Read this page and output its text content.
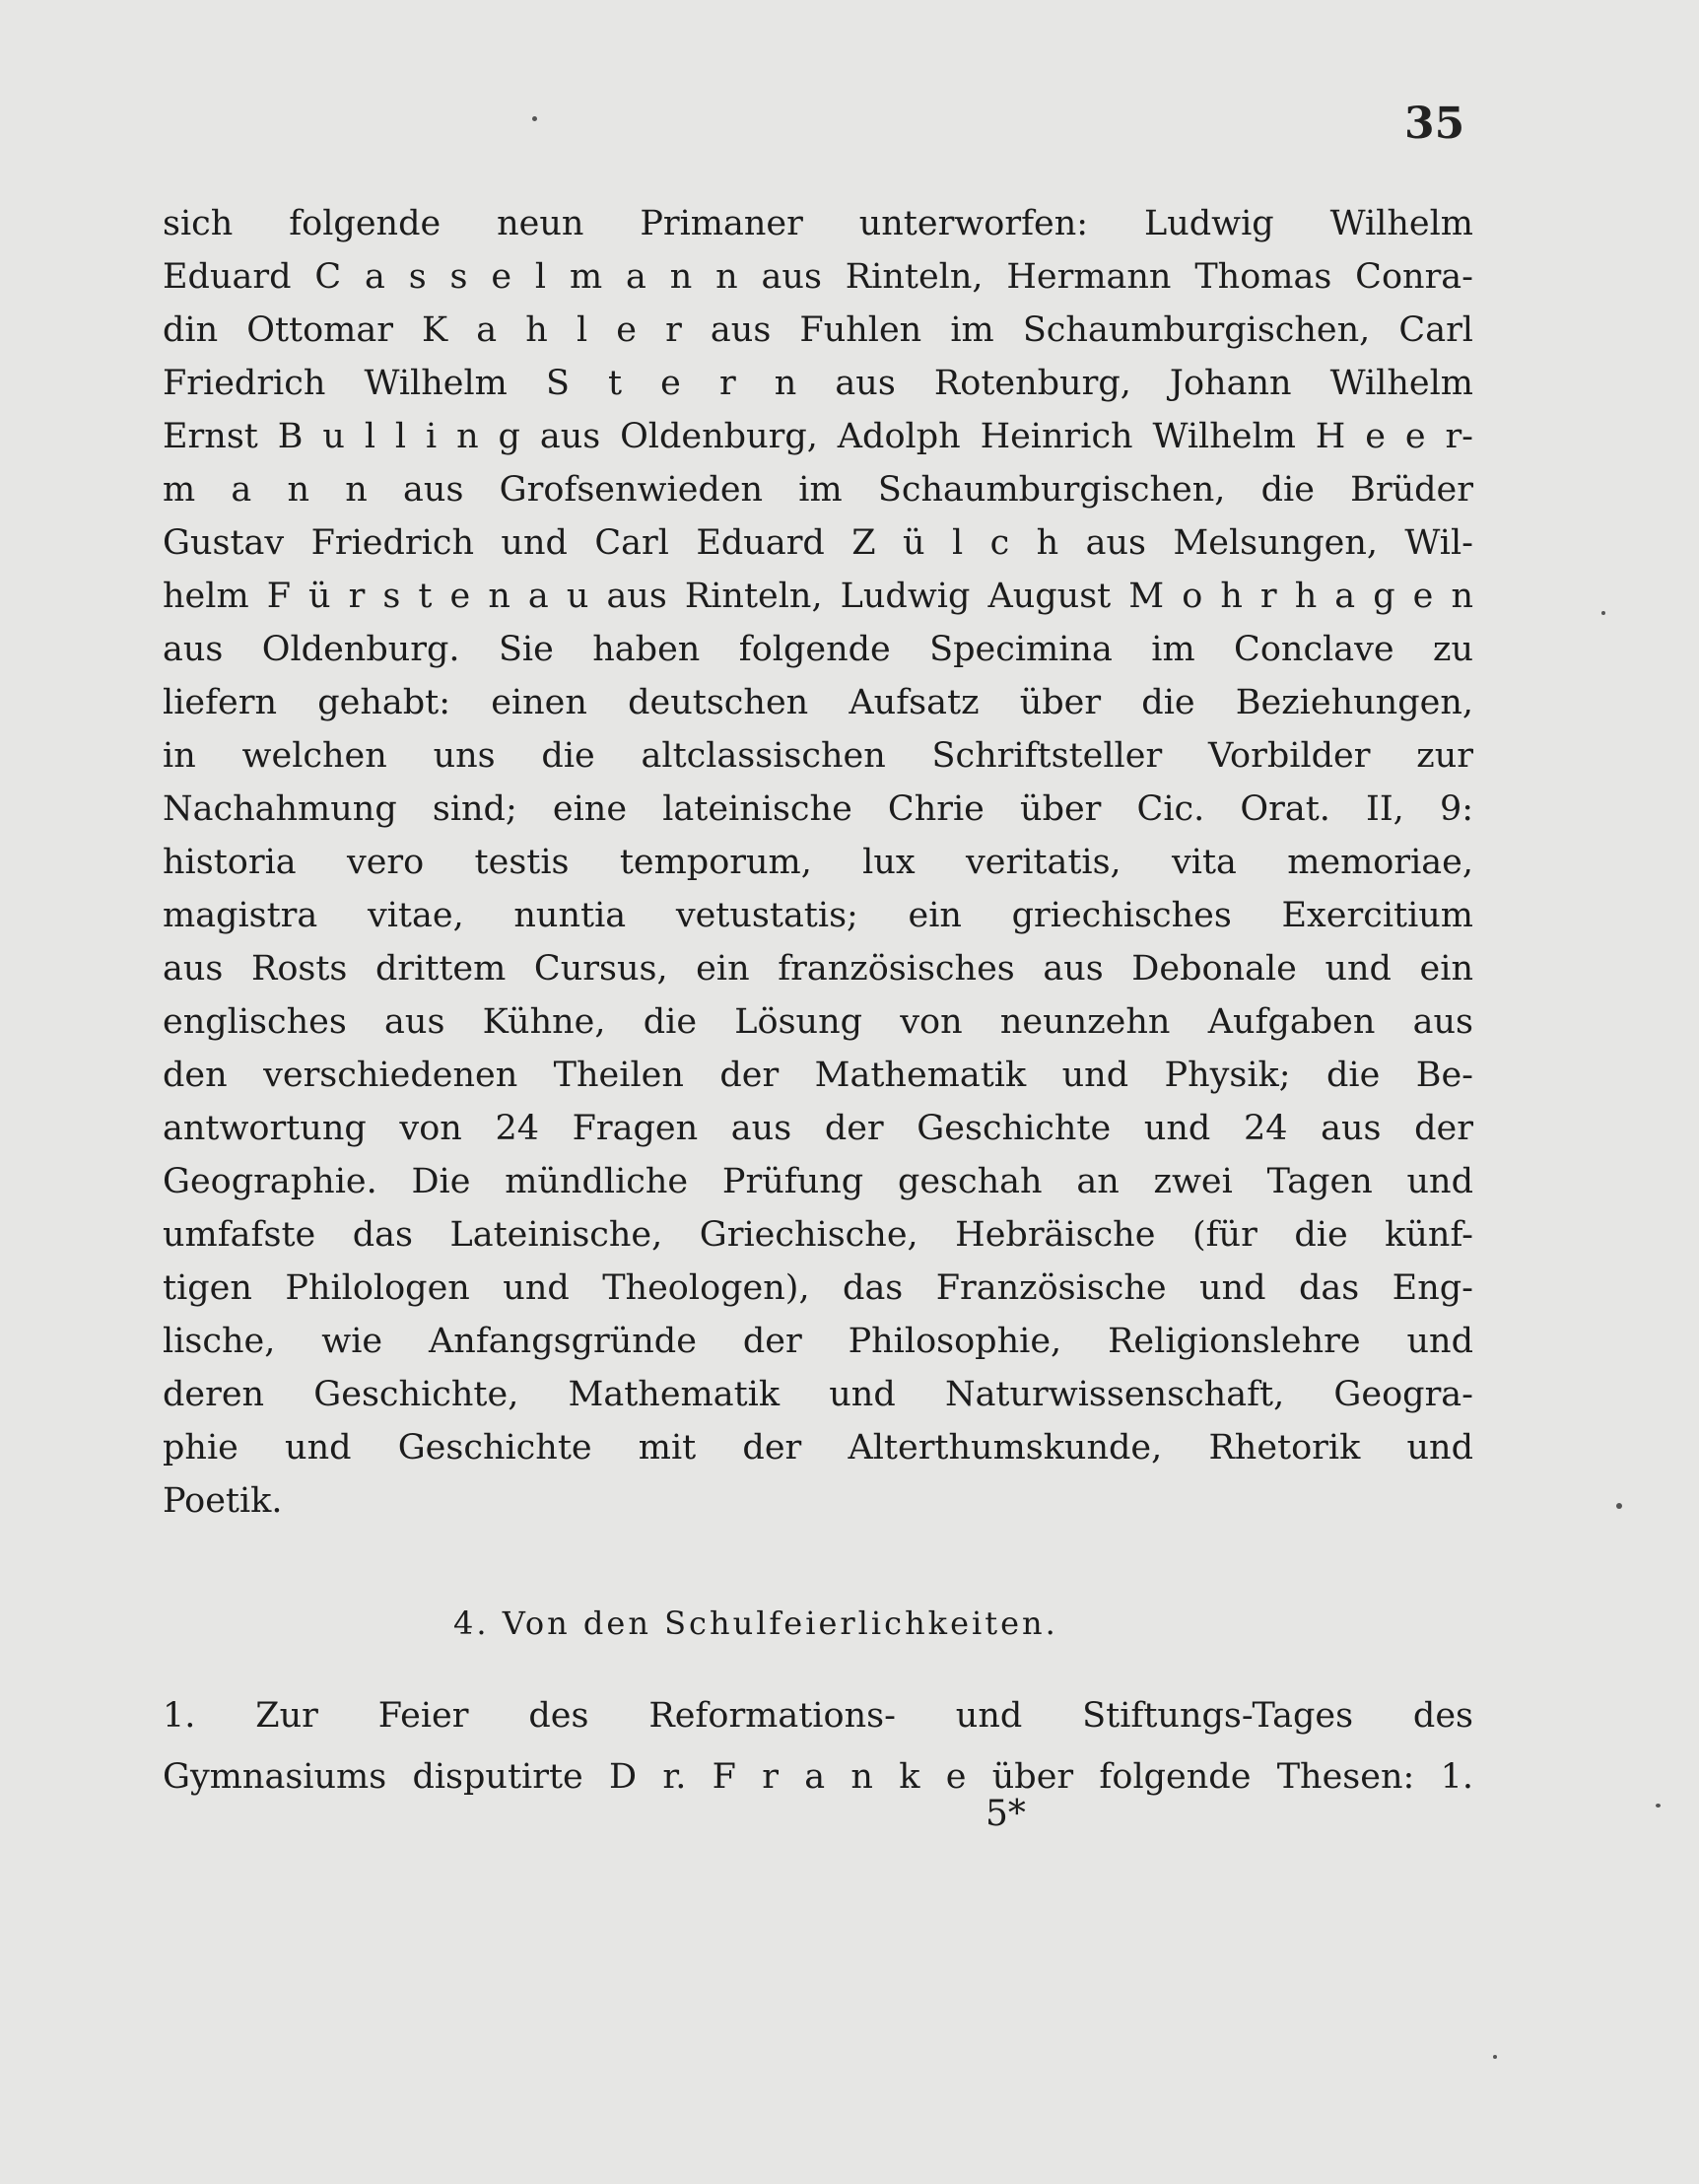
35
sich folgende neun Primaner unterworfen: Ludwig Wilhelm
Eduard C a s s e l m a n n aus Rinteln, Hermann Thomas Conra-
din Ottomar K a h l e r aus Fuhlen im Schaumburgischen, Carl
Friedrich Wilhelm S t e r n aus Rotenburg, Johann Wilhelm
Ernst B u l l i n g aus Oldenburg, Adolph Heinrich Wilhelm H e e r-
m a n n aus Grofsenwieden im Schaumburgischen, die Brüder
Gustav Friedrich und Carl Eduard Z ü l c h aus Melsungen, Wil-
helm F ü r s t e n a u aus Rinteln, Ludwig August M o h r h a g e n
aus Oldenburg. Sie haben folgende Specimina im Conclave zu
liefern gehabt: einen deutschen Aufsatz über die Beziehungen,
in welchen uns die altclassischen Schriftsteller Vorbilder zur
Nachahmung sind; eine lateinische Chrie über Cic. Orat. II, 9:
historia vero testis temporum, lux veritatis, vita memoriae,
magistra vitae, nuntia vetustatis; ein griechisches Exercitium
aus Rosts drittem Cursus, ein französisches aus Debonale und ein
englisches aus Kühne, die Lösung von neunzehn Aufgaben aus
den verschiedenen Theilen der Mathematik und Physik; die Be-
antwortung von 24 Fragen aus der Geschichte und 24 aus der
Geographie. Die mündliche Prüfung geschah an zwei Tagen und
umfafste das Lateinische, Griechische, Hebräische (für die künf-
tigen Philologen und Theologen), das Französische und das Eng-
lische, wie Anfangsgründe der Philosophie, Religionslehre und
deren Geschichte, Mathematik und Naturwissenschaft, Geogra-
phie und Geschichte mit der Alterthumskunde, Rhetorik und
Poetik.
4. Von den Schulfeierlichkeiten.
1. Zur Feier des Reformations- und Stiftungs-Tages des
Gymnasiums disputirte D r. F r a n k e über folgende Thesen: 1.
5*
